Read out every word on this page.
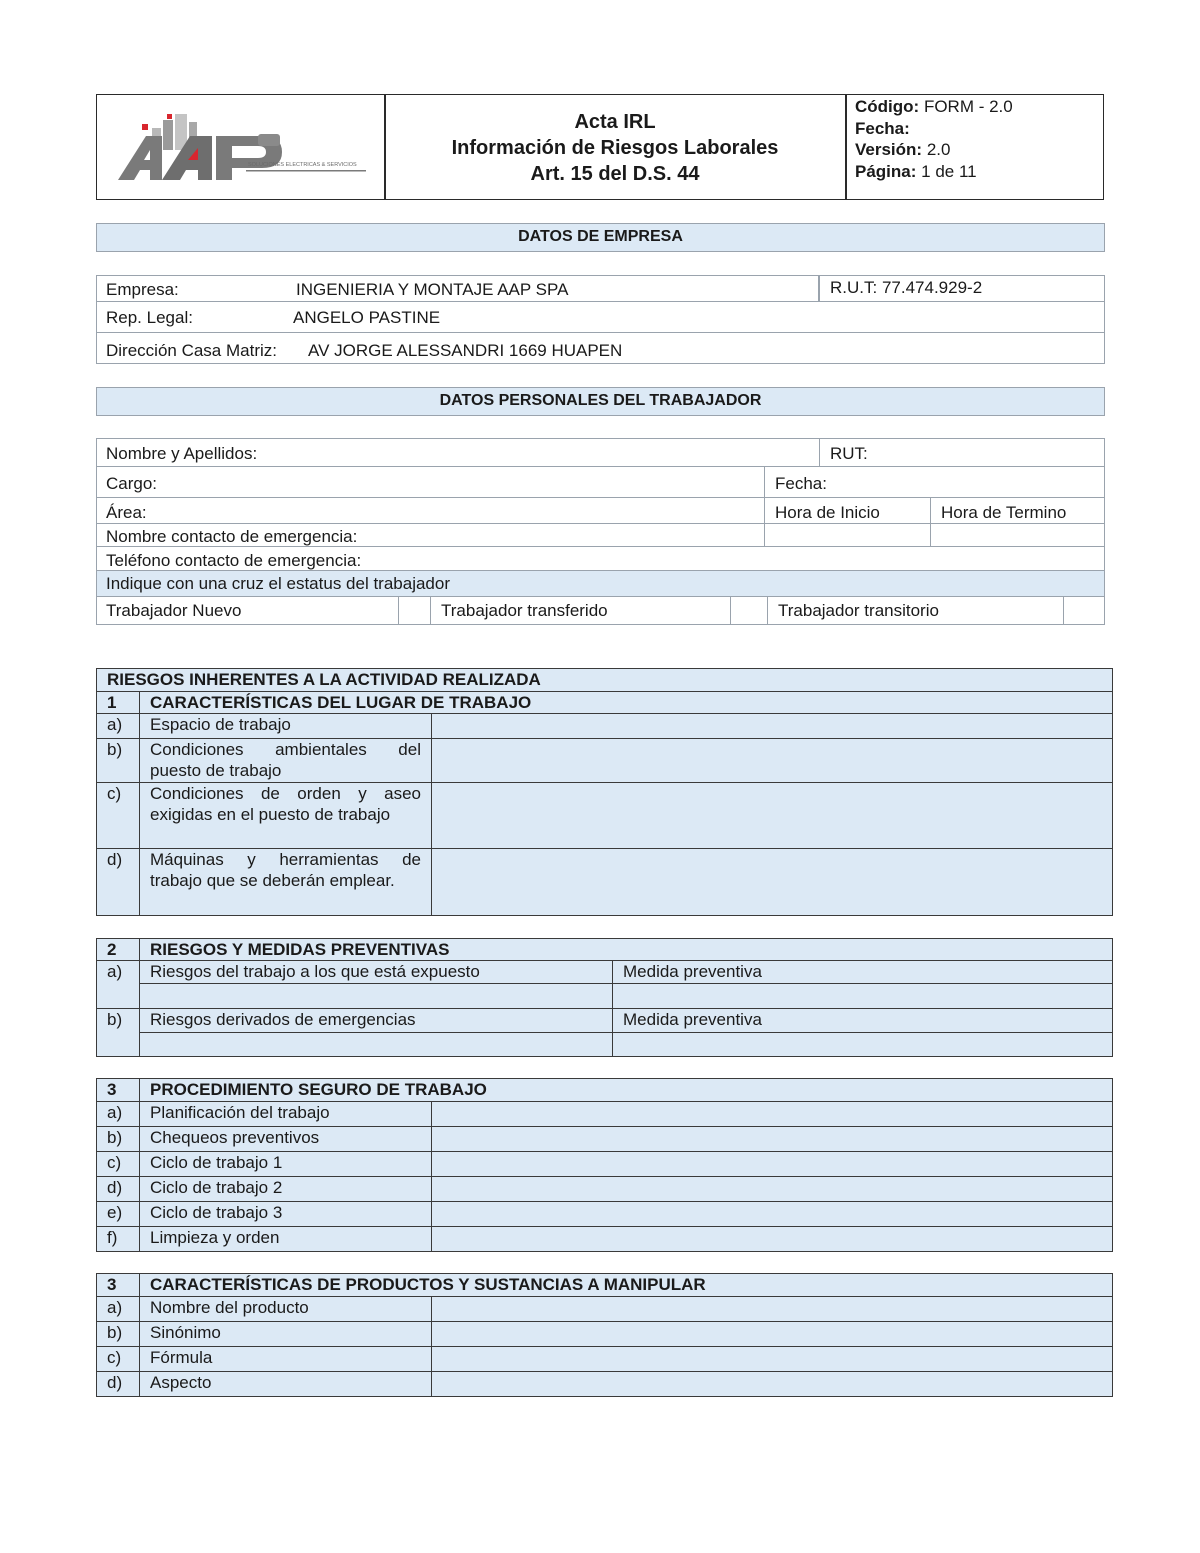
SOLUCIONES ELECTRICAS & SERVICIOS
Acta IRL
Información de Riesgos Laborales
Art. 15 del D.S. 44
Código: FORM - 2.0
Fecha:
Versión: 2.0
Página: 1 de 11
DATOS DE EMPRESA
Empresa:	INGENIERIA Y MONTAJE AAP SPA	R.U.T: 77.474.929-2
Rep. Legal:	ANGELO PASTINE
Dirección Casa Matriz: AV JORGE ALESSANDRI 1669 HUAPEN
DATOS PERSONALES DEL TRABAJADOR
Nombre y Apellidos:	RUT:
Cargo:	Fecha:
Área:	Hora de Inicio	Hora de Termino
Nombre contacto de emergencia:
Teléfono contacto de emergencia:
Indique con una cruz el estatus del trabajador
Trabajador Nuevo	Trabajador transferido	Trabajador transitorio
RIESGOS INHERENTES A LA ACTIVIDAD REALIZADA		
1	CARACTERÍSTICAS DEL LUGAR DE TRABAJO	
a)	Espacio de trabajo	
b)	Condiciones ambientales del puesto de trabajo	
c)	Condiciones de orden y aseo exigidas en el puesto de trabajo	
d)	Máquinas y herramientas de trabajo que se deberán emplear.	
2	RIESGOS Y MEDIDAS PREVENTIVAS	
a)	Riesgos del trabajo a los que está expuesto	Medida preventiva

b)	Riesgos derivados de emergencias	Medida preventiva

3	PROCEDIMIENTO SEGURO DE TRABAJO	
a)	Planificación del trabajo	
b)	Chequeos preventivos	
c)	Ciclo de trabajo 1	
d)	Ciclo de trabajo 2	
e)	Ciclo de trabajo 3	
f)	Limpieza y orden	
3	CARACTERÍSTICAS DE PRODUCTOS Y SUSTANCIAS A MANIPULAR	
a)	Nombre del producto	
b)	Sinónimo	
c)	Fórmula	
d)	Aspecto	
